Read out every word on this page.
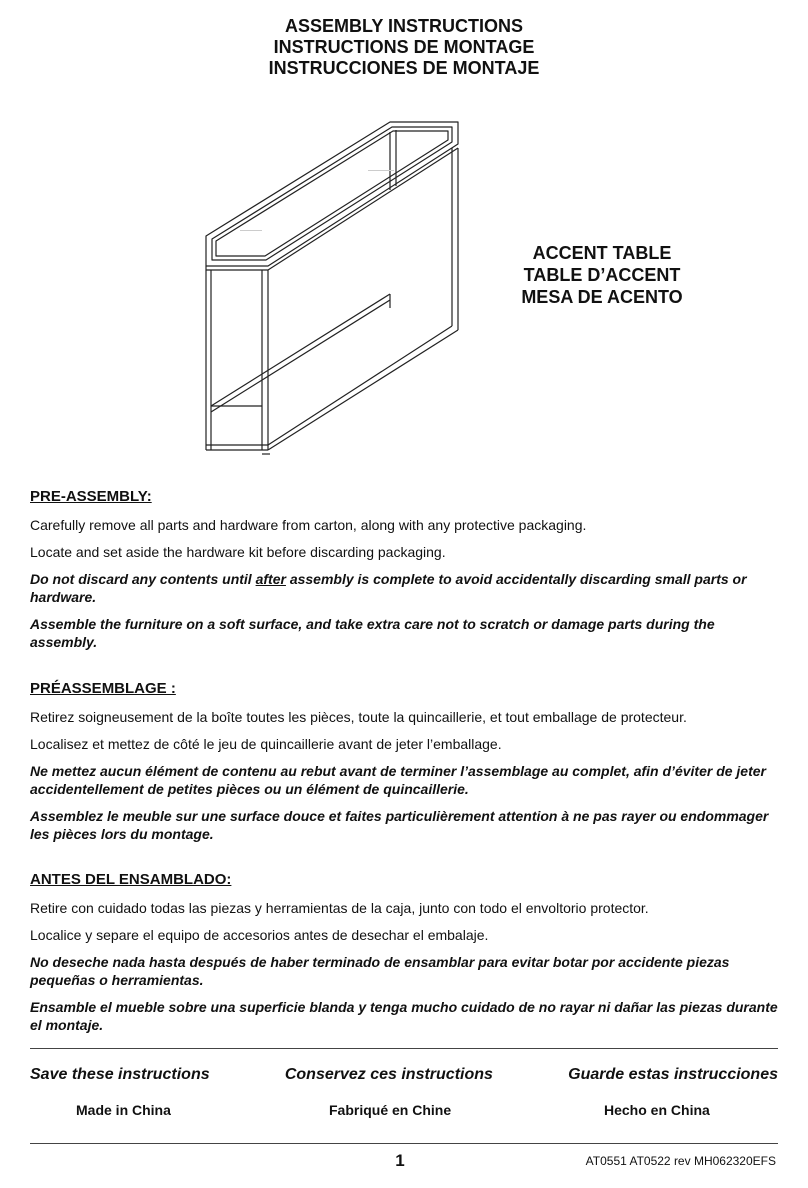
ASSEMBLY INSTRUCTIONS
INSTRUCTIONS DE MONTAGE
INSTRUCCIONES DE MONTAJE
ACCENT TABLE
TABLE D’ACCENT
MESA DE ACENTO
PRE-ASSEMBLY:

Carefully remove all parts and hardware from carton, along with any protective packaging.

Locate and set aside the hardware kit before discarding packaging.

Do not discard any contents until after assembly is complete to avoid accidentally discarding small parts or hardware.

Assemble the furniture on a soft surface, and take extra care not to scratch or damage parts during the assembly.

PRÉASSEMBLAGE :

Retirez soigneusement de la boîte toutes les pièces, toute la quincaillerie, et tout emballage de protecteur.

Localisez et mettez de côté le jeu de quincaillerie avant de jeter l’emballage.

Ne mettez aucun élément de contenu au rebut avant de terminer l’assemblage au complet, afin d’éviter de jeter accidentellement de petites pièces ou un élément de quincaillerie.

Assemblez le meuble sur une surface douce et faites particulièrement attention à ne pas rayer ou endommager les pièces lors du montage.

ANTES DEL ENSAMBLADO:

Retire con cuidado todas las piezas y herramientas de la caja, junto con todo el envoltorio protector.

Localice y separe el equipo de accesorios antes de desechar el embalaje.

No deseche nada hasta después de haber terminado de ensamblar para evitar botar por accidente piezas pequeñas o herramientas.

Ensamble el mueble sobre una superficie blanda y tenga mucho cuidado de no rayar ni dañar las piezas durante el montaje.

Save these instructions	Conservez ces instructions	Guarde estas instrucciones
Made in China	Fabriqué en Chine	Hecho en China
1	AT0551 AT0522 rev MH062320EFS
